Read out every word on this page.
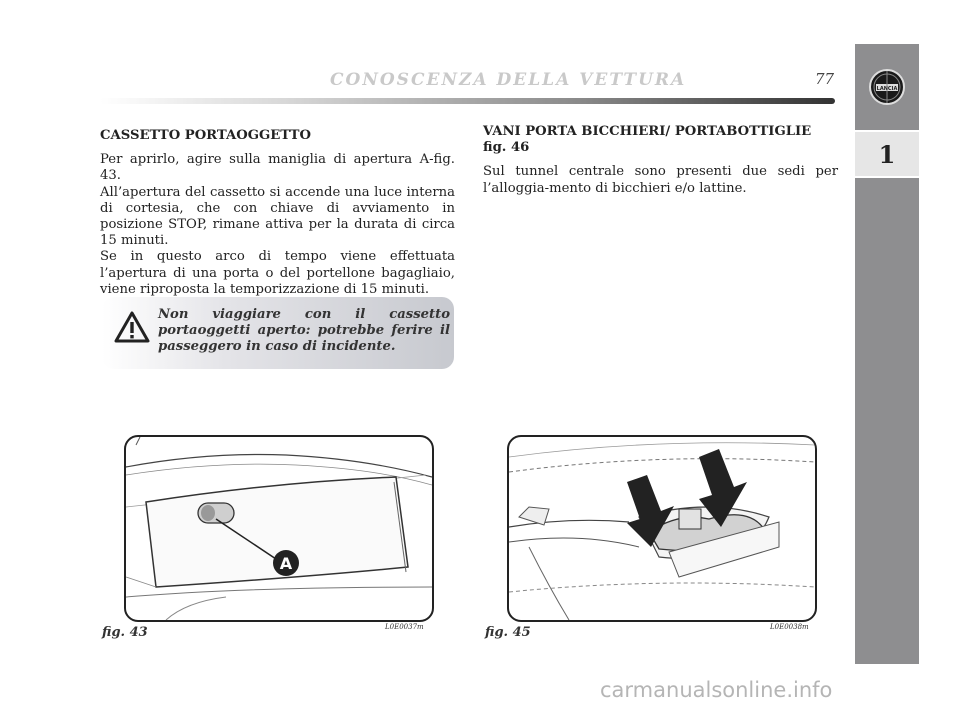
CONOSCENZA DELLA VETTURA	77
LANCIA
1

CASSETTO PORTAOGGETTO

Per aprirlo, agire sulla maniglia di apertura A-fig. 43.

All’apertura del cassetto si accende una luce interna di cortesia, che con chiave di avviamento in posizione STOP, rimane attiva per la durata di circa 15 minuti.

Se in questo arco di tempo viene effettuata l’apertura di una porta o del portellone bagagliaio, viene riproposta la temporizzazione di 15 minuti.

Non viaggiare con il cassetto portaoggetti aperto: potrebbe ferire il passeggero in caso di incidente.

VANI PORTA BICCHIERI/ PORTABOTTIGLIE

fig. 46

Sul tunnel centrale sono presenti due sedi per l’alloggia-mento di bicchieri e/o lattine.

A
fig. 43	L0E0037m	fig. 45	L0E0038m
carmanualsonline.info
